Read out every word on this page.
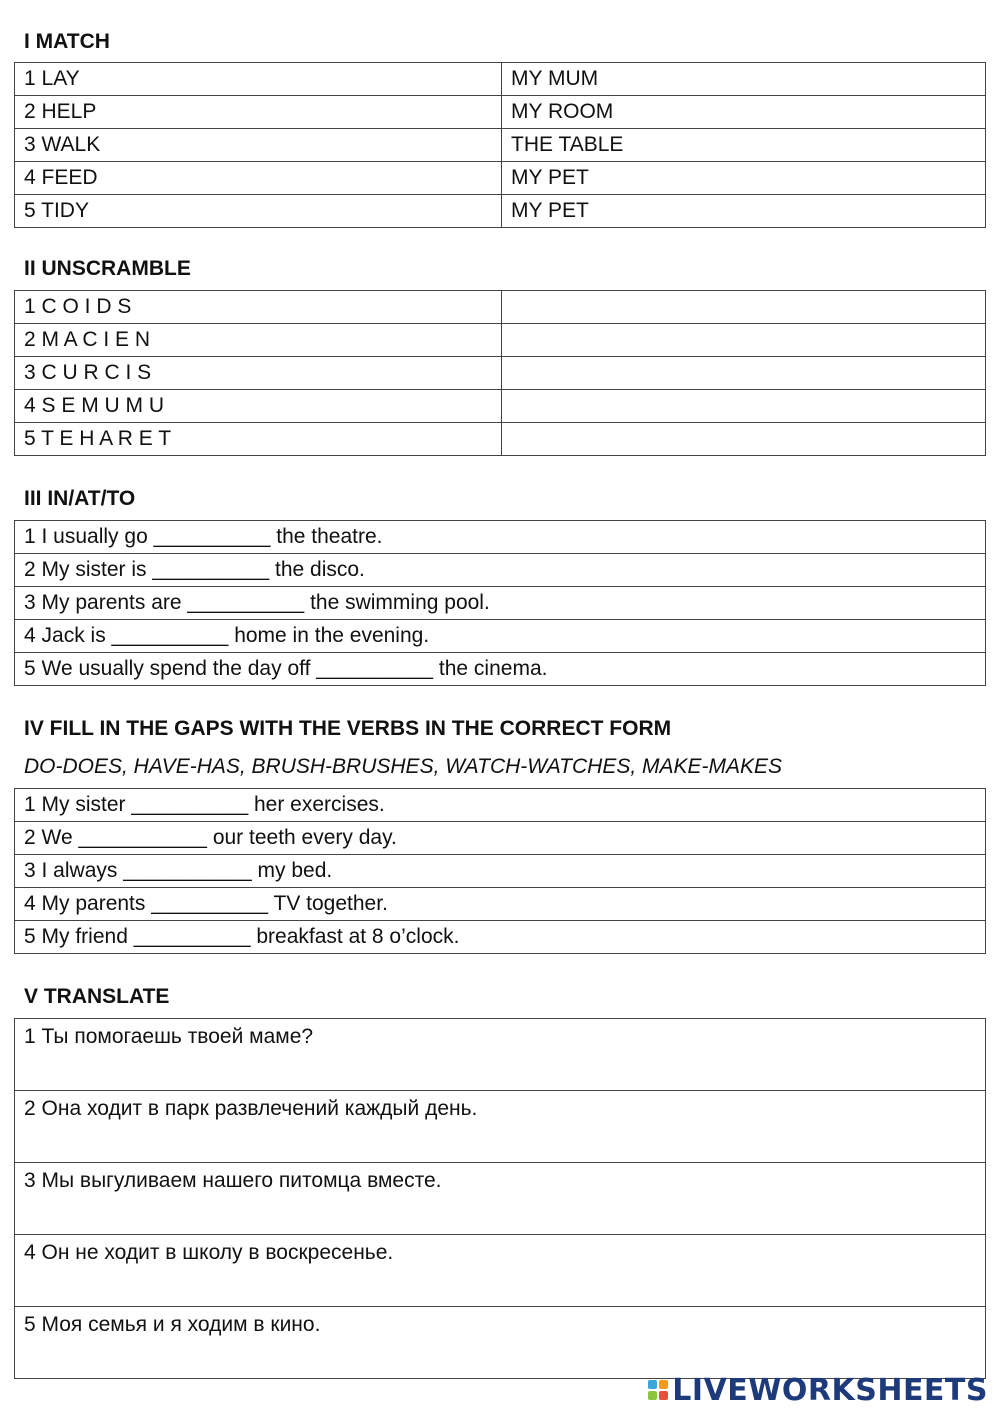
I MATCH
1 LAY	MY MUM
2 HELP	MY ROOM
3 WALK	THE TABLE
4 FEED	MY PET
5 TIDY	MY PET
II UNSCRAMBLE
1 C O I D S	
2 M A C I E N	
3 C U R C I S	
4 S E M U M U	
5 T E H A R E T	
III IN/AT/TO
1 I usually go __________ the theatre.
2 My sister is __________ the disco.
3 My parents are __________ the swimming pool.
4 Jack is __________ home in the evening.
5 We usually spend the day off __________ the cinema.
IV FILL IN THE GAPS WITH THE VERBS IN THE CORRECT FORM
DO-DOES, HAVE-HAS, BRUSH-BRUSHES, WATCH-WATCHES, MAKE-MAKES
1 My sister __________ her exercises.
2 We ___________ our teeth every day.
3 I always ___________ my bed.
4 My parents __________ TV together.
5 My friend __________ breakfast at 8 o’clock.
V TRANSLATE
1 Ты помогаешь твоей маме?
2 Она ходит в парк развлечений каждый день.
3 Мы выгуливаем нашего питомца вместе.
4 Он не ходит в школу в воскресенье.
5 Моя семья и я ходим в кино.
LIVEWORKSHEETS
